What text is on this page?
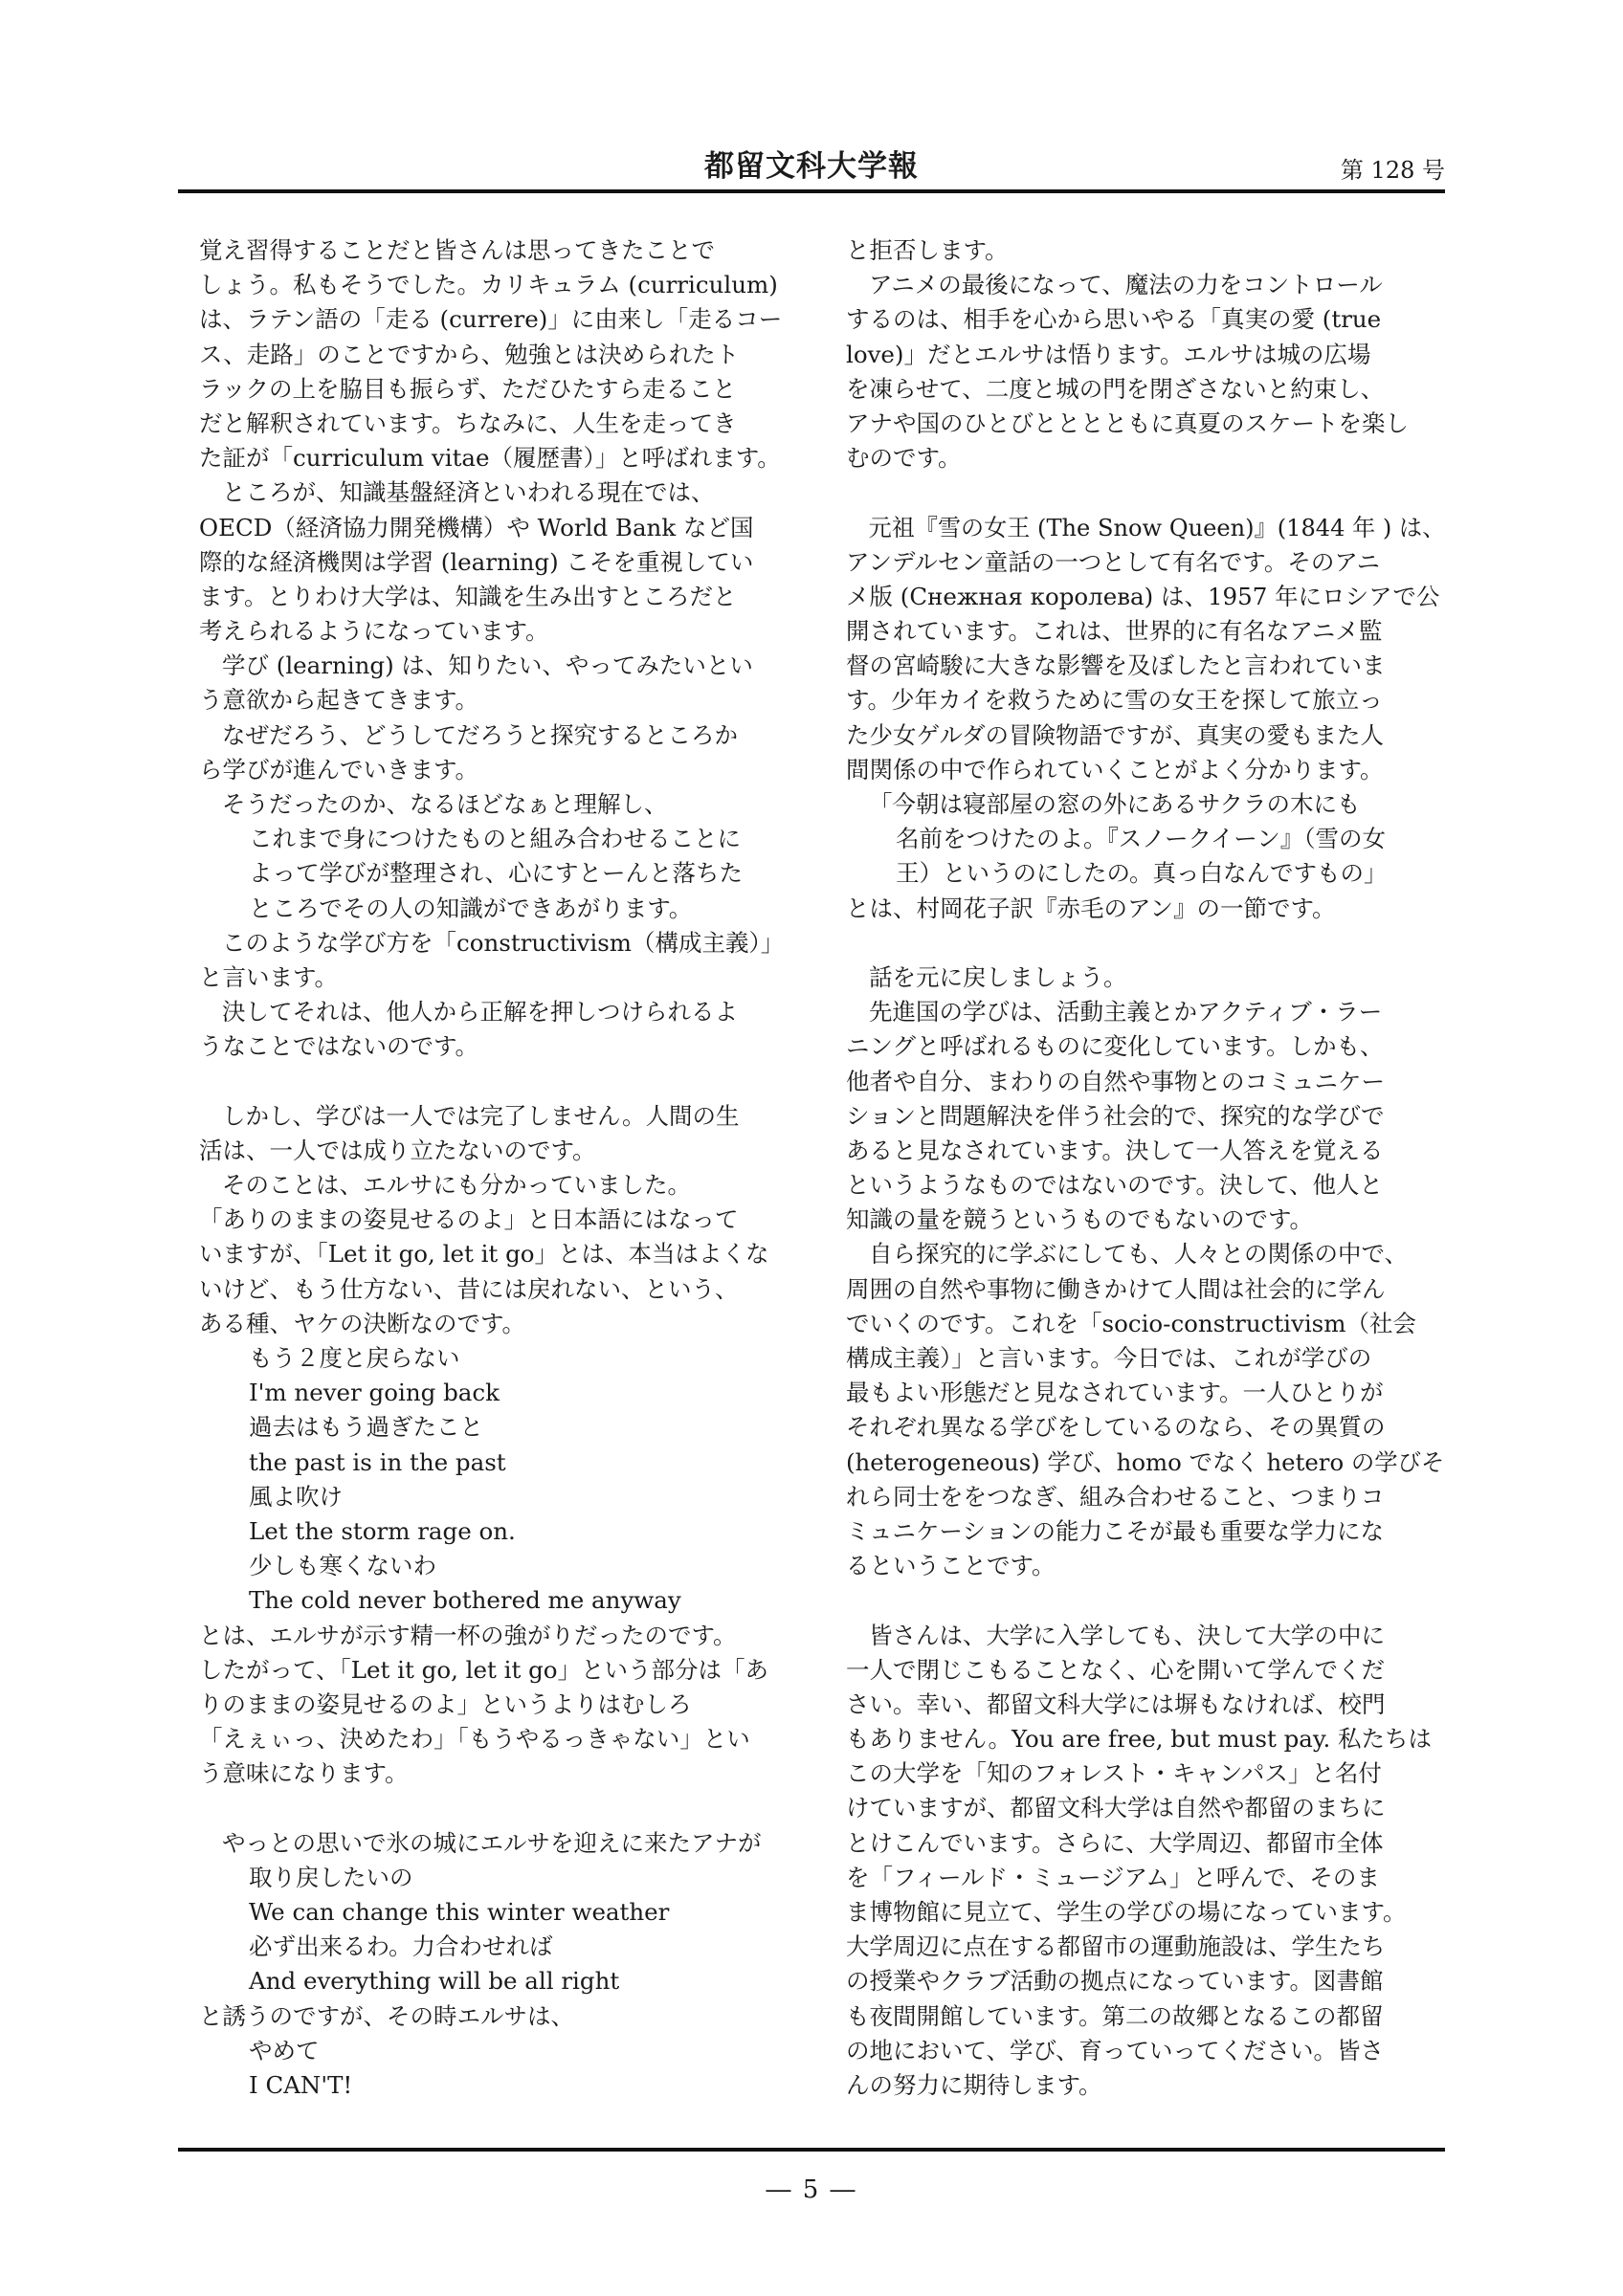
都留文科大学報	第 128 号
覚え習得することだと皆さんは思ってきたことで
しょう。私もそうでした。カリキュラム (curriculum)
は、ラテン語の「走る (currere)」に由来し「走るコー
ス、走路」のことですから、勉強とは決められたト
ラックの上を脇目も振らず、ただひたすら走ること
だと解釈されています。ちなみに、人生を走ってき
た証が「curriculum vitae（履歴書）」と呼ばれます。
ところが、知識基盤経済といわれる現在では、
OECD（経済協力開発機構）や World Bank など国
際的な経済機関は学習 (learning) こそを重視してい
ます。とりわけ大学は、知識を生み出すところだと
考えられるようになっています。
学び (learning) は、知りたい、やってみたいとい
う意欲から起きてきます。
なぜだろう、どうしてだろうと探究するところか
ら学びが進んでいきます。
そうだったのか、なるほどなぁと理解し、
これまで身につけたものと組み合わせることに
よって学びが整理され、心にすとーんと落ちた
ところでその人の知識ができあがります。
このような学び方を「constructivism（構成主義）」
と言います。
決してそれは、他人から正解を押しつけられるよ
うなことではないのです。
しかし、学びは一人では完了しません。人間の生
活は、一人では成り立たないのです。
そのことは、エルサにも分かっていました。
「ありのままの姿見せるのよ」と日本語にはなって
いますが、「Let it go, let it go」とは、本当はよくな
いけど、もう仕方ない、昔には戻れない、という、
ある種、ヤケの決断なのです。
もう２度と戻らない
I'm never going back
過去はもう過ぎたこと
the past is in the past
風よ吹け
Let the storm rage on.
少しも寒くないわ
The cold never bothered me anyway
とは、エルサが示す精一杯の強がりだったのです。
したがって、「Let it go, let it go」という部分は「あ
りのままの姿見せるのよ」というよりはむしろ
「えぇぃっ、決めたわ」「もうやるっきゃない」とい
う意味になります。
やっとの思いで氷の城にエルサを迎えに来たアナが
取り戻したいの
We can change this winter weather
必ず出来るわ。力合わせれば
And everything will be all right
と誘うのですが、その時エルサは、
やめて
I CAN'T!
と拒否します。
アニメの最後になって、魔法の力をコントロール
するのは、相手を心から思いやる「真実の愛 (true
love)」だとエルサは悟ります。エルサは城の広場
を凍らせて、二度と城の門を閉ざさないと約束し、
アナや国のひとびとととともに真夏のスケートを楽し
むのです。
元祖『雪の女王 (The Snow Queen)』(1844 年 ) は、
アンデルセン童話の一つとして有名です。そのアニ
メ版 (Снежная королева) は、1957 年にロシアで公
開されています。これは、世界的に有名なアニメ監
督の宮崎駿に大きな影響を及ぼしたと言われていま
す。少年カイを救うために雪の女王を探して旅立っ
た少女ゲルダの冒険物語ですが、真実の愛もまた人
間関係の中で作られていくことがよく分かります。
「今朝は寝部屋の窓の外にあるサクラの木にも
名前をつけたのよ。『スノークイーン』（雪の女
王）というのにしたの。真っ白なんですもの」
とは、村岡花子訳『赤毛のアン』の一節です。
話を元に戻しましょう。
先進国の学びは、活動主義とかアクティブ・ラー
ニングと呼ばれるものに変化しています。しかも、
他者や自分、まわりの自然や事物とのコミュニケー
ションと問題解決を伴う社会的で、探究的な学びで
あると見なされています。決して一人答えを覚える
というようなものではないのです。決して、他人と
知識の量を競うというものでもないのです。
自ら探究的に学ぶにしても、人々との関係の中で、
周囲の自然や事物に働きかけて人間は社会的に学ん
でいくのです。これを「socio-constructivism（社会
構成主義）」と言います。今日では、これが学びの
最もよい形態だと見なされています。一人ひとりが
それぞれ異なる学びをしているのなら、その異質の
(heterogeneous) 学び、homo でなく hetero の学びそ
れら同士ををつなぎ、組み合わせること、つまりコ
ミュニケーションの能力こそが最も重要な学力にな
るということです。
皆さんは、大学に入学しても、決して大学の中に
一人で閉じこもることなく、心を開いて学んでくだ
さい。幸い、都留文科大学には塀もなければ、校門
もありません。You are free, but must pay. 私たちは
この大学を「知のフォレスト・キャンパス」と名付
けていますが、都留文科大学は自然や都留のまちに
とけこんでいます。さらに、大学周辺、都留市全体
を「フィールド・ミュージアム」と呼んで、そのま
ま博物館に見立て、学生の学びの場になっています。
大学周辺に点在する都留市の運動施設は、学生たち
の授業やクラブ活動の拠点になっています。図書館
も夜間開館しています。第二の故郷となるこの都留
の地において、学び、育っていってください。皆さ
んの努力に期待します。
― 5 ―
